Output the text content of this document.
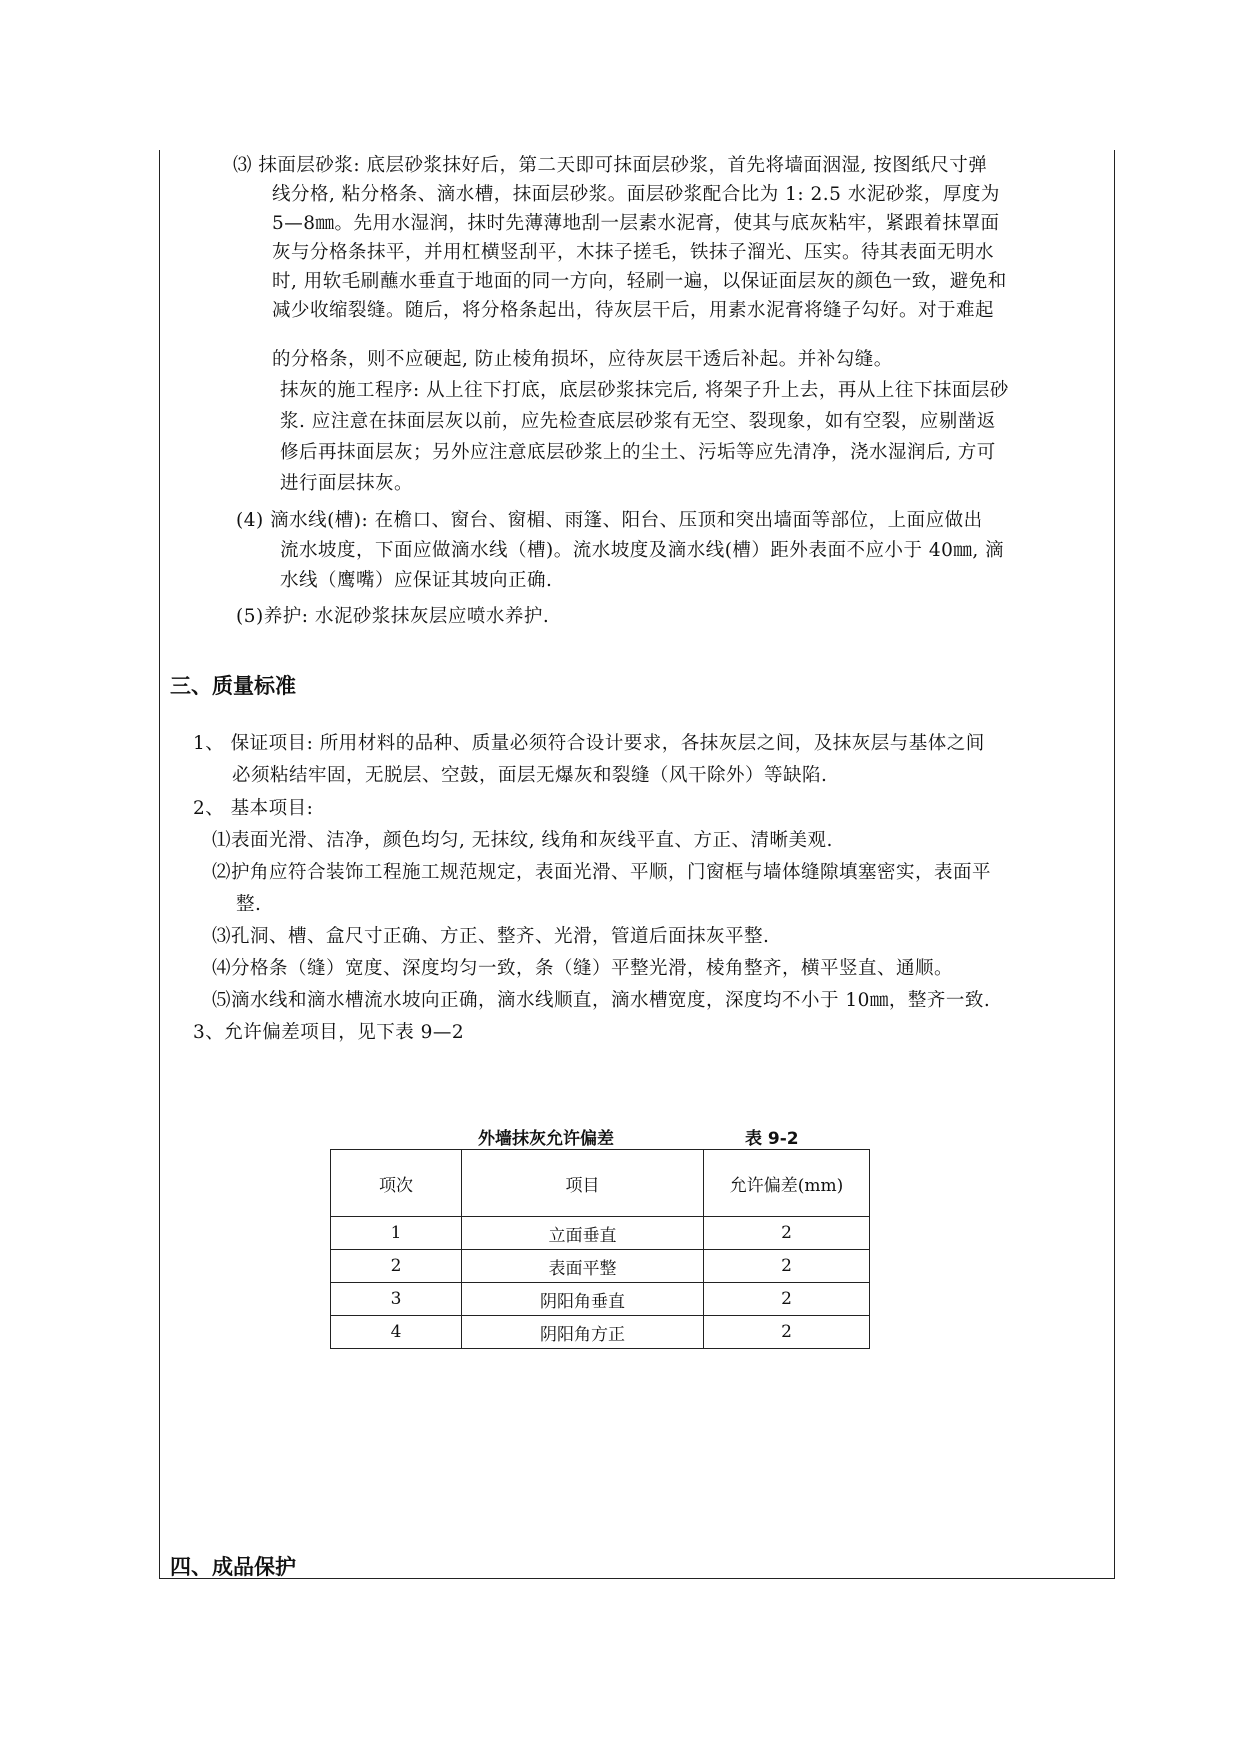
⑶ 抹面层砂浆: 底层砂浆抹好后，第二天即可抹面层砂浆，首先将墙面洇湿, 按图纸尺寸弹
线分格, 粘分格条、滴水槽，抹面层砂浆。面层砂浆配合比为 1: 2.5 水泥砂浆，厚度为
5—8㎜。先用水湿润，抹时先薄薄地刮一层素水泥膏，使其与底灰粘牢，紧跟着抹罩面
灰与分格条抹平，并用杠横竖刮平，木抹子搓毛，铁抹子溜光、压实。待其表面无明水
时, 用软毛刷蘸水垂直于地面的同一方向，轻刷一遍，以保证面层灰的颜色一致，避免和
减少收缩裂缝。随后，将分格条起出，待灰层干后，用素水泥膏将缝子勾好。对于难起
的分格条，则不应硬起, 防止棱角损坏，应待灰层干透后补起。并补勾缝。
抹灰的施工程序: 从上往下打底，底层砂浆抹完后, 将架子升上去，再从上往下抹面层砂
浆. 应注意在抹面层灰以前，应先检查底层砂浆有无空、裂现象，如有空裂，应剔凿返
修后再抹面层灰；另外应注意底层砂浆上的尘土、污垢等应先清净，浇水湿润后, 方可
进行面层抹灰。
(4) 滴水线(槽): 在檐口、窗台、窗楣、雨篷、阳台、压顶和突出墙面等部位，上面应做出
流水坡度，下面应做滴水线（槽)。流水坡度及滴水线(槽）距外表面不应小于 40㎜, 滴
水线（鹰嘴）应保证其坡向正确.
(5)养护: 水泥砂浆抹灰层应喷水养护.
三、质量标准
1、 保证项目: 所用材料的品种、质量必须符合设计要求，各抹灰层之间，及抹灰层与基体之间
必须粘结牢固，无脱层、空鼓，面层无爆灰和裂缝（风干除外）等缺陷.
2、 基本项目:
⑴表面光滑、洁净，颜色均匀, 无抹纹, 线角和灰线平直、方正、清晰美观.
⑵护角应符合装饰工程施工规范规定，表面光滑、平顺，门窗框与墙体缝隙填塞密实，表面平
整.
⑶孔洞、槽、盒尺寸正确、方正、整齐、光滑，管道后面抹灰平整.
⑷分格条（缝）宽度、深度均匀一致，条（缝）平整光滑，棱角整齐，横平竖直、通顺。
⑸滴水线和滴水槽流水坡向正确，滴水线顺直，滴水槽宽度，深度均不小于 10㎜，整齐一致.
3、允许偏差项目，见下表 9—2
外墙抹灰允许偏差	表 9-2
项次	项目	允许偏差(mm)
1	立面垂直	2
2	表面平整	2
3	阴阳角垂直	2
4	阴阳角方正	2
四、成品保护
